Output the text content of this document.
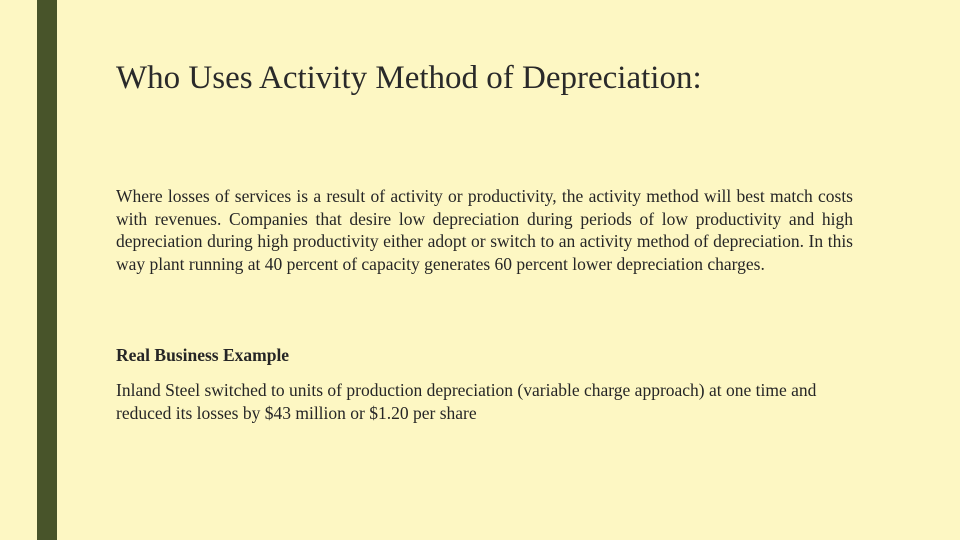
Who Uses Activity Method of Depreciation:

Where losses of services is a result of activity or productivity, the activity method will best match costs with revenues. Companies that desire low depreciation during periods of low productivity and high depreciation during high productivity either adopt or switch to an activity method of depreciation. In this way plant running at 40 percent of capacity generates 60 percent lower depreciation charges.

Real Business Example

Inland Steel switched to units of production depreciation (variable charge approach) at one time and reduced its losses by $43 million or $1.20 per share
